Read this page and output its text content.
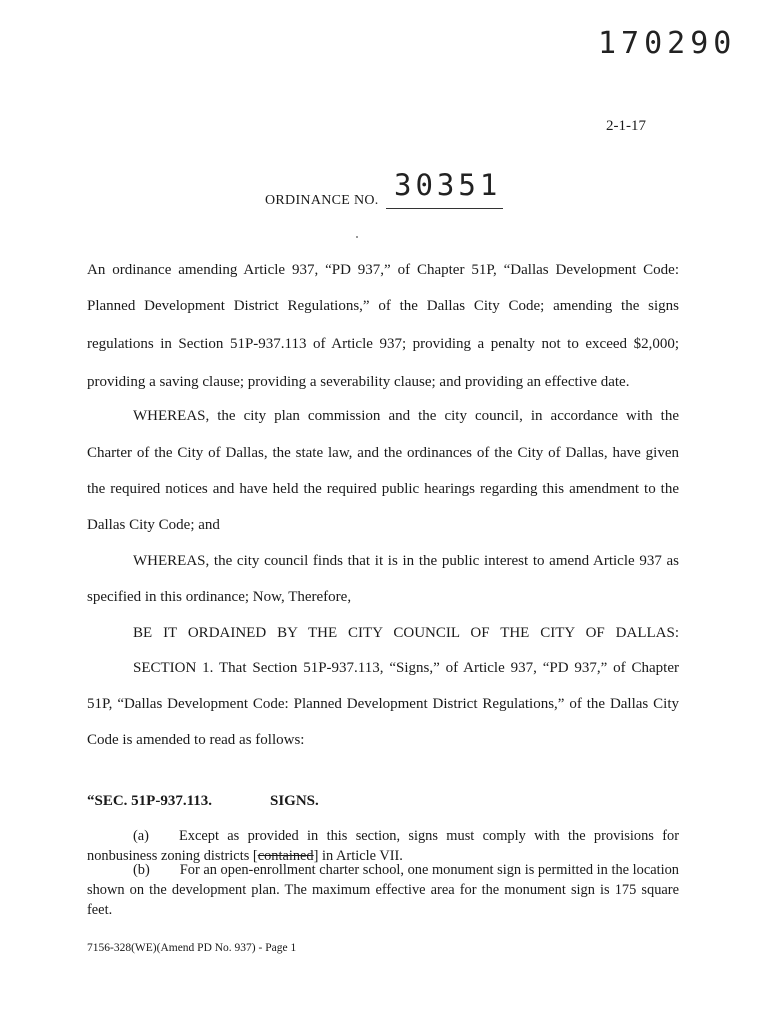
170290
2-1-17
ORDINANCE NO. 30351
An ordinance amending Article 937, “PD 937,” of Chapter 51P, “Dallas Development Code:
Planned Development District Regulations,” of the Dallas City Code; amending the signs
regulations in Section 51P-937.113 of Article 937; providing a penalty not to exceed $2,000;
providing a saving clause; providing a severability clause; and providing an effective date.
WHEREAS, the city plan commission and the city council, in accordance with the
Charter of the City of Dallas, the state law, and the ordinances of the City of Dallas, have given
the required notices and have held the required public hearings regarding this amendment to the
Dallas City Code; and
WHEREAS, the city council finds that it is in the public interest to amend Article 937 as
specified in this ordinance; Now, Therefore,
BE IT ORDAINED BY THE CITY COUNCIL OF THE CITY OF DALLAS:
SECTION 1. That Section 51P-937.113, “Signs,” of Article 937, “PD 937,” of Chapter
51P, “Dallas Development Code: Planned Development District Regulations,” of the Dallas City
Code is amended to read as follows:
“SEC. 51P-937.113.	SIGNS.
(a) Except as provided in this section, signs must comply with the provisions for nonbusiness zoning districts [contained] in Article VII.
(b) For an open-enrollment charter school, one monument sign is permitted in the location shown on the development plan. The maximum effective area for the monument sign is 175 square feet.
7156-328(WE)(Amend PD No. 937) - Page 1
